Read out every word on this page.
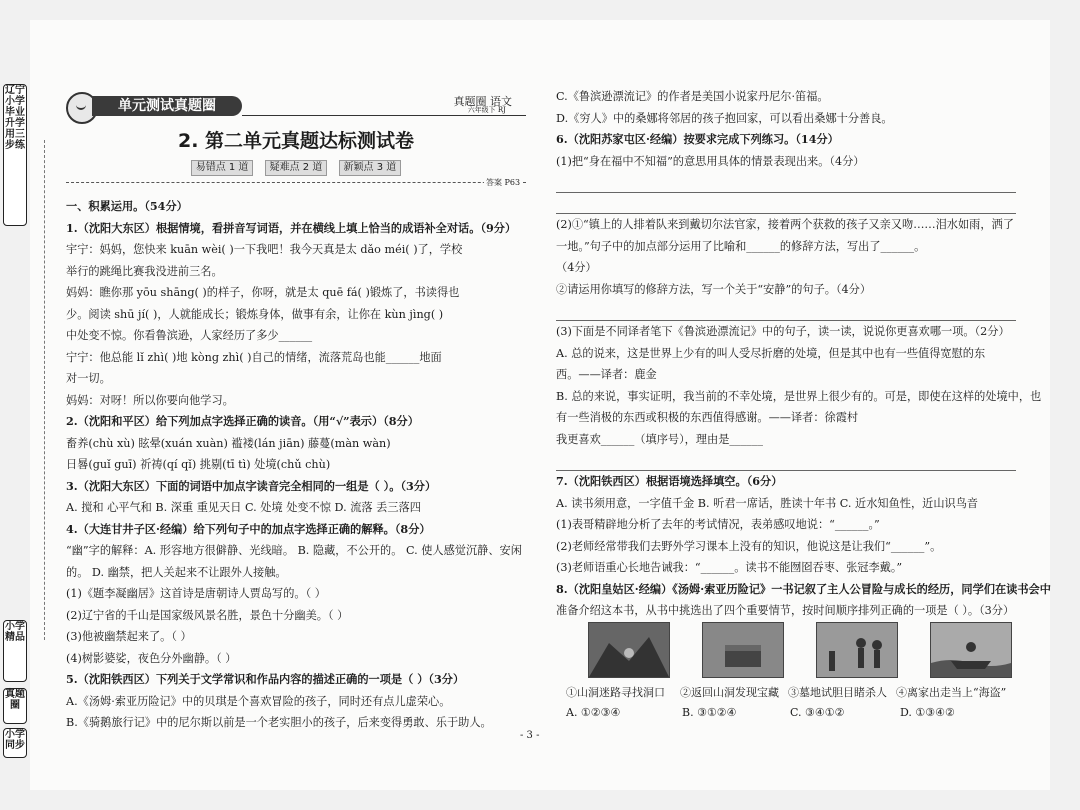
辽宁小学毕业升学用三步练
小学精品
真题圈
小学同步
单元测试真题圈	真题圈 语文
六年级下 RJ
2. 第二单元真题达标测试卷
易错点 1 道 疑难点 2 道 新颖点 3 道
答案 P63

一、积累运用。（54分）

1.（沈阳大东区）根据情境，看拼音写词语，并在横线上填上恰当的成语补全对话。（9分）

宇宁：妈妈，您快来 kuān wèi( )一下我吧！我今天真是太 dǎo méi( )了，学校

举行的跳绳比赛我没进前三名。

妈妈：瞧你那 yōu shāng( )的样子，你呀，就是太 quē fá( )锻炼了，书读得也

少。阅读 shū jí( )，人就能成长；锻炼身体，做事有余，让你在 kùn jìng( )

中处变不惊。你看鲁滨逊，人家经历了多少______

宁宁：他总能 lǐ zhì( )地 kòng zhì( )自己的情绪，流落荒岛也能______地面

对一切。

妈妈：对呀！所以你要向他学习。

2.（沈阳和平区）给下列加点字选择正确的读音。（用“√”表示）（8分）

畜养(chù xù) 眩晕(xuán xuàn) 褴褛(lán jiān) 藤蔓(màn wàn)

日晷(guǐ guī) 祈祷(qí qǐ) 挑剔(tī tì) 处境(chǔ chù)

3.（沈阳大东区）下面的词语中加点字读音完全相同的一组是（ ）。（3分）

A. 搅和 心平气和 B. 深重 重见天日 C. 处境 处变不惊 D. 流落 丢三落四

4.（大连甘井子区·经编）给下列句子中的加点字选择正确的解释。（8分）

“幽”字的解释：A. 形容地方很僻静、光线暗。 B. 隐藏，不公开的。 C. 使人感觉沉静、安闲

的。 D. 幽禁，把人关起来不让跟外人接触。

(1)《题李凝幽居》这首诗是唐朝诗人贾岛写的。（ ）

(2)辽宁省的千山是国家级风景名胜，景色十分幽美。（ ）

(3)他被幽禁起来了。（ ）

(4)树影婆娑，夜色分外幽静。（ ）

5.（沈阳铁西区）下列关于文学常识和作品内容的描述正确的一项是（ ）（3分）

A.《汤姆·索亚历险记》中的贝琪是个喜欢冒险的孩子，同时还有点儿虚荣心。

B.《骑鹅旅行记》中的尼尔斯以前是一个老实胆小的孩子，后来变得勇敢、乐于助人。

C.《鲁滨逊漂流记》的作者是美国小说家丹尼尔·笛福。

D.《穷人》中的桑娜将邻居的孩子抱回家，可以看出桑娜十分善良。

6.（沈阳苏家屯区·经编）按要求完成下列练习。（14分）

(1)把“身在福中不知福”的意思用具体的情景表现出来。（4分）

(2)①“镇上的人排着队来到戴切尔法官家，接着两个获救的孩子又亲又吻……泪水如雨，洒了

一地。”句子中的加点部分运用了比喻和______的修辞方法，写出了______。

（4分）

②请运用你填写的修辞方法，写一个关于“安静”的句子。（4分）

(3)下面是不同译者笔下《鲁滨逊漂流记》中的句子，读一读，说说你更喜欢哪一项。（2分）

A. 总的说来，这是世界上少有的叫人受尽折磨的处境，但是其中也有一些值得宽慰的东

西。——译者：鹿金

B. 总的来说，事实证明，我当前的不幸处境，是世界上很少有的。可是，即使在这样的处境中，也

有一些消极的东西或积极的东西值得感谢。——译者：徐霞村

我更喜欢______（填序号），理由是______

7.（沈阳铁西区）根据语境选择填空。（6分）

A. 读书须用意，一字值千金 B. 听君一席话，胜读十年书 C. 近水知鱼性，近山识鸟音

(1)表哥精辟地分析了去年的考试情况，表弟感叹地说：“______。”

(2)老师经常带我们去野外学习课本上没有的知识，他说这是让我们“______”。

(3)老师语重心长地告诫我：“______。读书不能囫囵吞枣、张冠李戴。”

8.（沈阳皇姑区·经编）《汤姆·索亚历险记》一书记叙了主人公冒险与成长的经历，同学们在读书会中

准备介绍这本书，从书中挑选出了四个重要情节，按时间顺序排列正确的一项是（ ）。（3分）

①山洞迷路寻找洞口 ②返回山洞发现宝藏 ③墓地试胆目睹杀人 ④离家出走当上“海盗”
A. ①②③④	B. ③①②④	C. ③④①②	D. ①③④②
- 3 -
